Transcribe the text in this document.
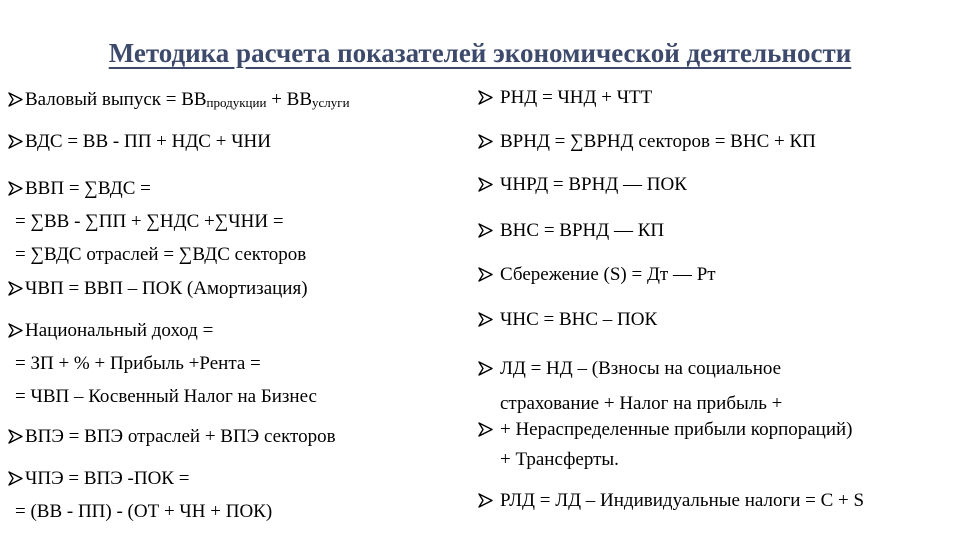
Методика расчета показателей экономической деятельности
Валовый выпуск = $ВВ_{продукции} + ВВ_{услуги}$
ВДС = ВВ - ПП + НДС + ЧНИ
ВВП = ∑ВДС =
= ∑ВВ - ∑ПП + ∑НДС +∑ЧНИ =
= ∑ВДС отраслей = ∑ВДС секторов
ЧВП = ВВП – ПОК (Амортизация)
Национальный доход =
= ЗП + % + Прибыль +Рента =
= ЧВП – Косвенный Налог на Бизнес
ВПЭ = ВПЭ отраслей + ВПЭ секторов
ЧПЭ = ВПЭ -ПОК =
= (ВВ - ПП) - (ОТ + ЧН + ПОК)
РНД = ЧНД + ЧТТ
ВРНД = ∑ВРНД секторов = ВНС + КП
ЧНРД = ВРНД — ПОК
ВНС = ВРНД — КП
Сбережение (S) = Дт — Рт
ЧНС = ВНС – ПОК
ЛД = НД – (Взносы на социальное
страхование + Налог на прибыль +
+ Нераспределенные прибыли корпораций)
+ Трансферты.
РЛД = ЛД – Индивидуальные налоги = С + S
